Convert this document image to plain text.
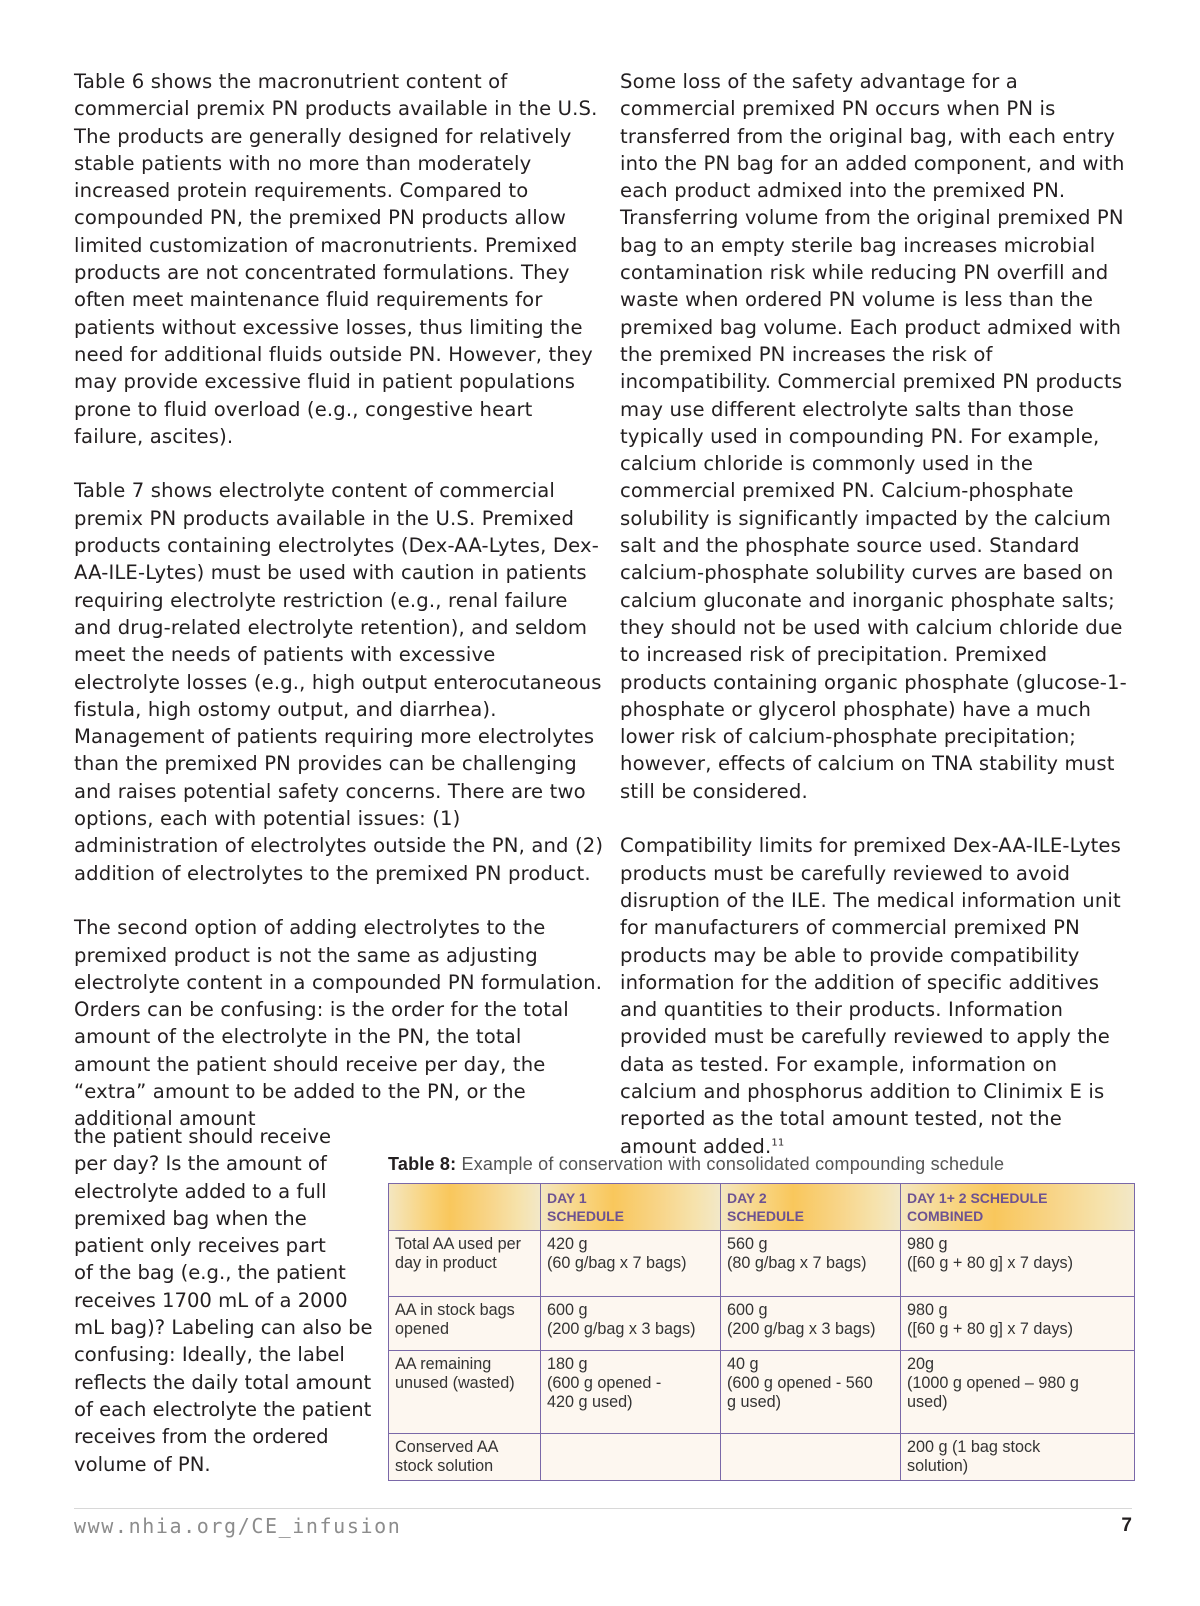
Table 6 shows the macronutrient content of commercial premix PN products available in the U.S. The products are generally designed for relatively stable patients with no more than moderately increased protein requirements. Compared to compounded PN, the premixed PN products allow limited customization of macronutrients. Premixed products are not concentrated formulations. They often meet maintenance fluid requirements for patients without excessive losses, thus limiting the need for additional fluids outside PN. However, they may provide excessive fluid in patient populations prone to fluid overload (e.g., congestive heart failure, ascites).

Table 7 shows electrolyte content of commercial premix PN products available in the U.S. Premixed products containing electrolytes (Dex-AA-Lytes, Dex-AA-ILE-Lytes) must be used with caution in patients requiring electrolyte restriction (e.g., renal failure and drug-related electrolyte retention), and seldom meet the needs of patients with excessive electrolyte losses (e.g., high output enterocutaneous fistula, high ostomy output, and diarrhea). Management of patients requiring more electrolytes than the premixed PN provides can be challenging and raises potential safety concerns. There are two options, each with potential issues: (1) administration of electrolytes outside the PN, and (2) addition of electrolytes to the premixed PN product.

The second option of adding electrolytes to the premixed product is not the same as adjusting electrolyte content in a compounded PN formulation. Orders can be confusing: is the order for the total amount of the electrolyte in the PN, the total amount the patient should receive per day, the “extra” amount to be added to the PN, or the additional amount

the patient should receive
per day? Is the amount of
electrolyte added to a full
premixed bag when the
patient only receives part
of the bag (e.g., the patient
receives 1700 mL of a 2000
mL bag)? Labeling can also be
confusing: Ideally, the label
reflects the daily total amount
of each electrolyte the patient
receives from the ordered
volume of PN.

Some loss of the safety advantage for a commercial premixed PN occurs when PN is transferred from the original bag, with each entry into the PN bag for an added component, and with each product admixed into the premixed PN. Transferring volume from the original premixed PN bag to an empty sterile bag increases microbial contamination risk while reducing PN overfill and waste when ordered PN volume is less than the premixed bag volume. Each product admixed with the premixed PN increases the risk of incompatibility. Commercial premixed PN products may use different electrolyte salts than those typically used in compounding PN. For example, calcium chloride is commonly used in the commercial premixed PN. Calcium-phosphate solubility is significantly impacted by the calcium salt and the phosphate source used. Standard calcium-phosphate solubility curves are based on calcium gluconate and inorganic phosphate salts; they should not be used with calcium chloride due to increased risk of precipitation. Premixed products containing organic phosphate (glucose-1-phosphate or glycerol phosphate) have a much lower risk of calcium-phosphate precipitation; however, effects of calcium on TNA stability must still be considered.

Compatibility limits for premixed Dex-AA-ILE-Lytes products must be carefully reviewed to avoid disruption of the ILE. The medical information unit for manufacturers of commercial premixed PN products may be able to provide compatibility information for the addition of specific additives and quantities to their products. Information provided must be carefully reviewed to apply the data as tested. For example, information on calcium and phosphorus addition to Clinimix E is reported as the total amount tested, not the amount added.$^{11}$

Table 8: Example of conservation with consolidated compounding schedule
	DAY 1
SCHEDULE	DAY 2
SCHEDULE	DAY 1+ 2 SCHEDULE
COMBINED
Total AA used per
day in product	420 g
(60 g/bag x 7 bags)	560 g
(80 g/bag x 7 bags)	980 g
([60 g + 80 g] x 7 days)
AA in stock bags
opened	600 g
(200 g/bag x 3 bags)	600 g
(200 g/bag x 3 bags)	980 g
([60 g + 80 g] x 7 days)
AA remaining
unused (wasted)	180 g
(600 g opened -
420 g used)	40 g
(600 g opened - 560
g used)	20g
(1000 g opened – 980 g
used)
Conserved AA
stock solution			200 g (1 bag stock
solution)
www.nhia.org/CE_infusion	7
